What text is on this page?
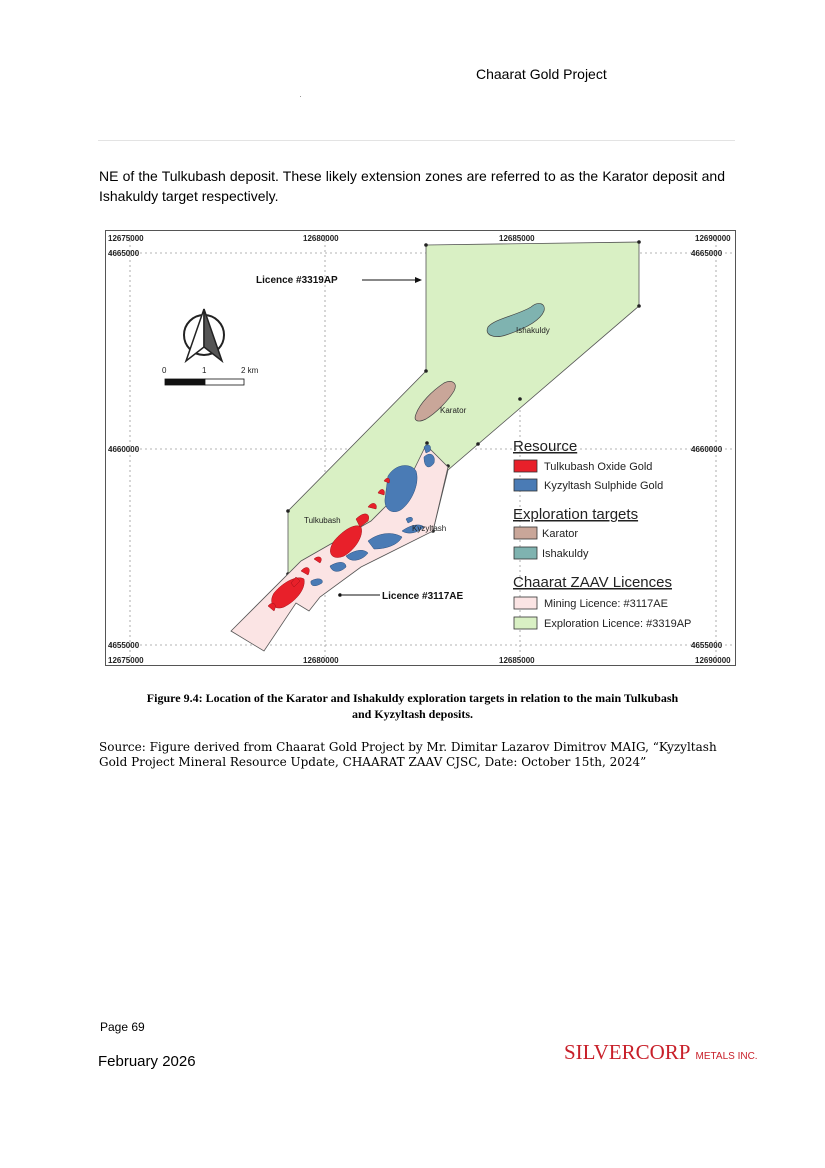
Chaarat Gold Project
NE of the Tulkubash deposit. These likely extension zones are referred to as the Karator deposit and Ishakuldy target respectively.
12675000	12680000	12685000	12690000
4665000
4660000
4655000
4665000
4660000
4655000
12675000	12680000	12685000	12690000
Ishakuldy
Karator
Tulkubash
Kyzyltash
Licence #3319AP
Licence #3117AE
0	1	2 km
Resource
Tulkubash Oxide Gold
Kyzyltash Sulphide Gold
Exploration targets
Karator
Ishakuldy
Chaarat ZAAV Licences
Mining Licence: #3117AE
Exploration Licence: #3319AP
Figure 9.4: Location of the Karator and Ishakuldy exploration targets in relation to the main Tulkubash
and Kyzyltash deposits.
Source: Figure derived from Chaarat Gold Project by Mr. Dimitar Lazarov Dimitrov MAIG, “Kyzyltash Gold Project Mineral Resource Update, CHAARAT ZAAV CJSC, Date: October 15th, 2024”
Page 69
February 2026	SILVERCORP METALS INC.
